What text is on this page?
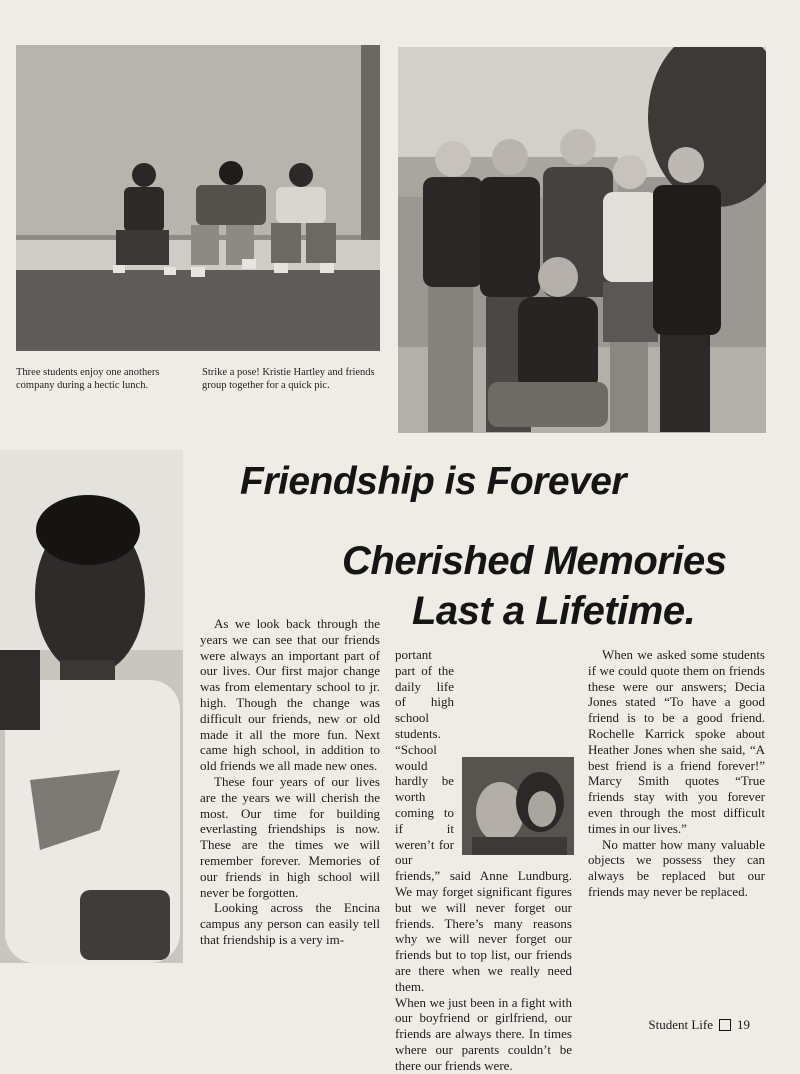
Three students enjoy one anothers company during a hectic lunch.
Strike a pose! Kristie Hartley and friends group together for a quick pic.
Friendship is Forever
Cherished Memories
Last a Lifetime.

As we look back through the years we can see that our friends were always an important part of our lives. Our first major change was from elementary school to jr. high. Though the change was difficult our friends, new or old made it all the more fun. Next came high school, in addition to old friends we all made new ones.

These four years of our lives are the years we will cherish the most. Our time for building everlasting friendships is now. These are the times we will remember forever. Memories of our friends in high school will never be forgotten.

Looking across the Encina campus any person can easily tell that friendship is a very im-

portant part of the daily life of high school students. “School would hardly be worth coming to if it weren’t for our friends,” said Anne Lundburg. We may forget significant figures but we will never forget our friends. There’s many reasons why we will never forget our friends but to top list, our friends are there when we really need them.

When we just been in a fight with our boyfriend or girlfriend, our friends are always there. In times where our parents couldn’t be there our friends were.

When we asked some students if we could quote them on friends these were our answers; Decia Jones stated “To have a good friend is to be a good friend. Rochelle Karrick spoke about Heather Jones when she said, “A best friend is a friend forever!” Marcy Smith quotes “True friends stay with you forever even through the most difficult times in our lives.”

No matter how many valuable objects we possess they can always be replaced but our friends may never be replaced.

Student Life 19
